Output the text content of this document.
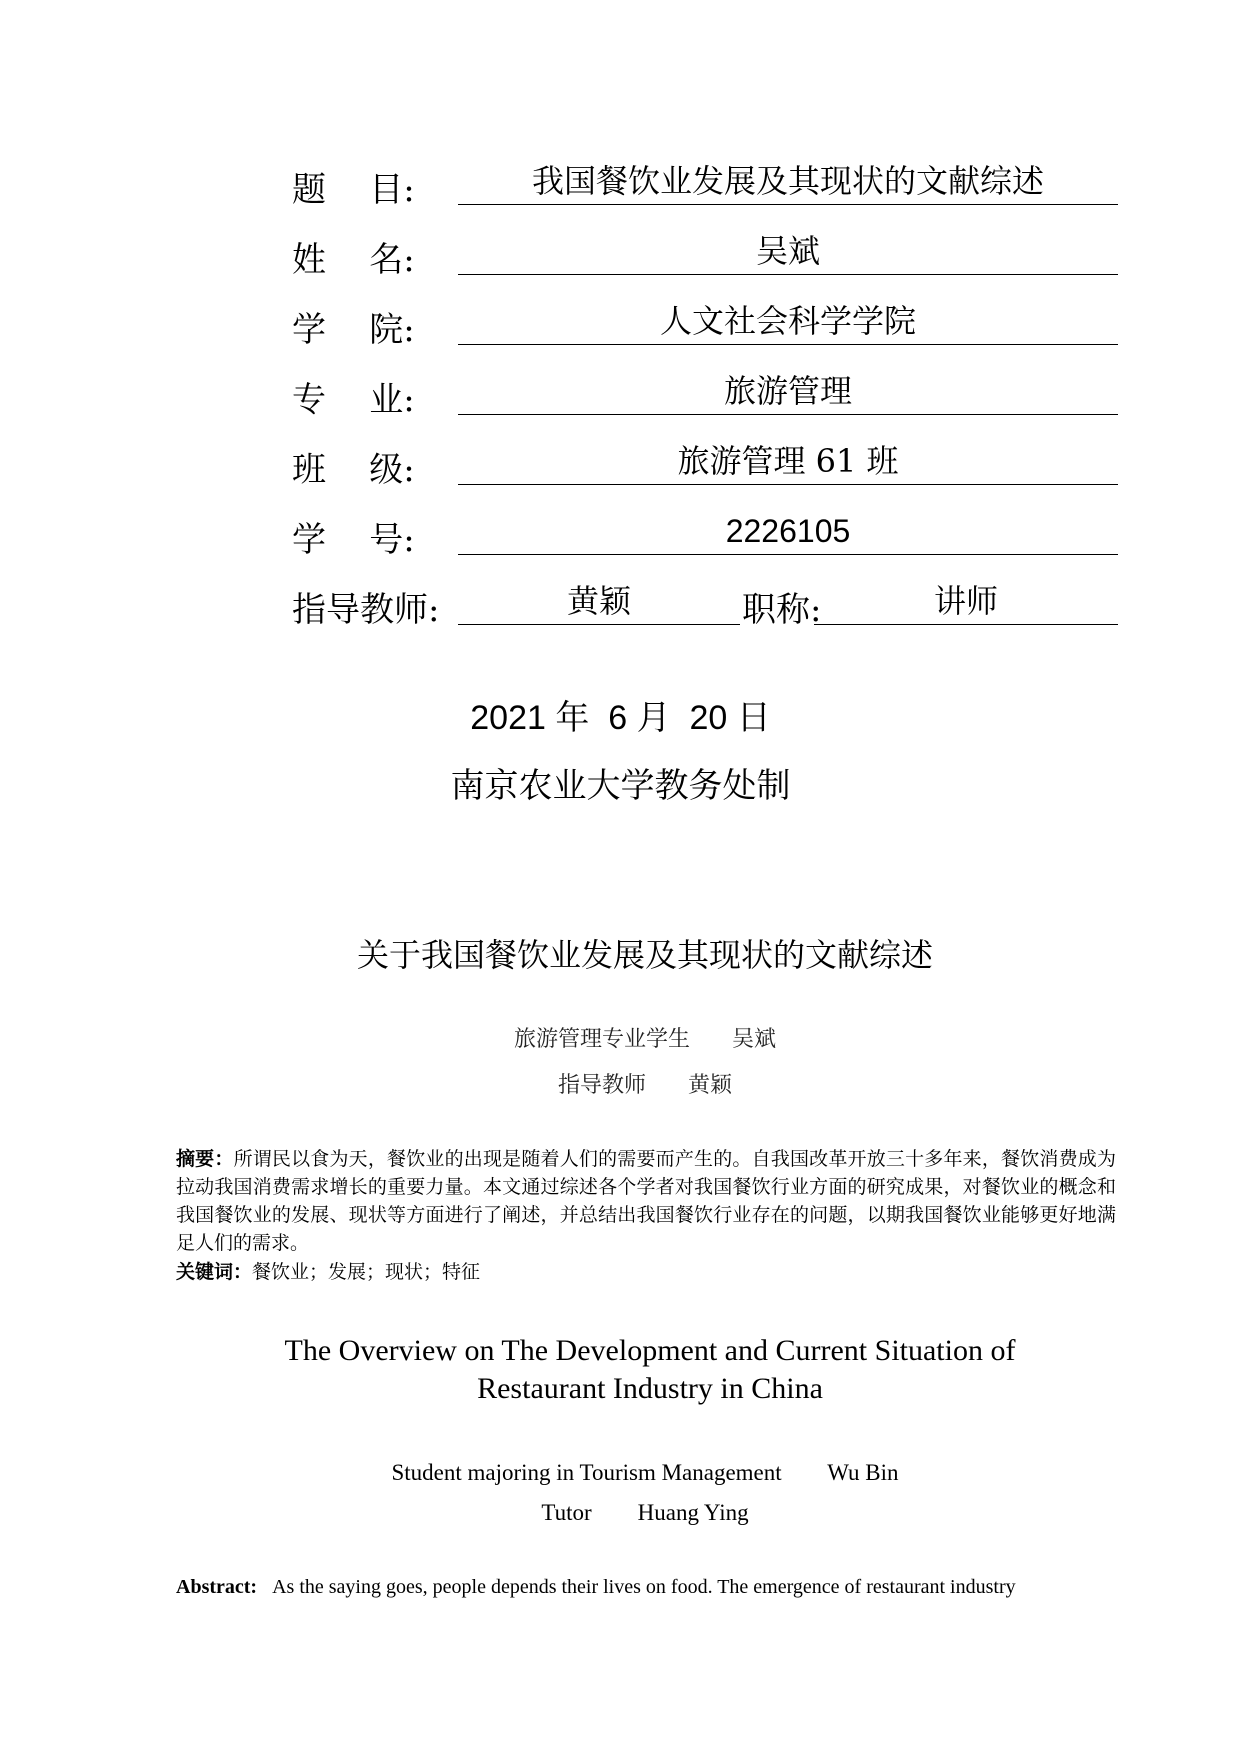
题    目:	我国餐饮业发展及其现状的文献综述
姓    名:	吴斌
学    院:	人文社会科学学院
专    业:	旅游管理
班    级:	旅游管理 61 班
学    号:	2226105
指导教师:	黄颖	职称:	讲师
2021 年  6 月  20 日
南京农业大学教务处制
关于我国餐饮业发展及其现状的文献综述
旅游管理专业学生      吴斌
指导教师      黄颖
摘要：所谓民以食为天，餐饮业的出现是随着人们的需要而产生的。自我国改革开放三十多年来，餐饮消费成为拉动我国消费需求增长的重要力量。本文通过综述各个学者对我国餐饮行业方面的研究成果，对餐饮业的概念和我国餐饮业的发展、现状等方面进行了阐述，并总结出我国餐饮行业存在的问题，以期我国餐饮业能够更好地满足人们的需求。
关键词：餐饮业；发展；现状；特征
The Overview on The Development and Current Situation of
Restaurant Industry in China
Student majoring in Tourism Management        Wu Bin
Tutor        Huang Ying
Abstract: As the saying goes, people depends their lives on food. The emergence of restaurant industry
